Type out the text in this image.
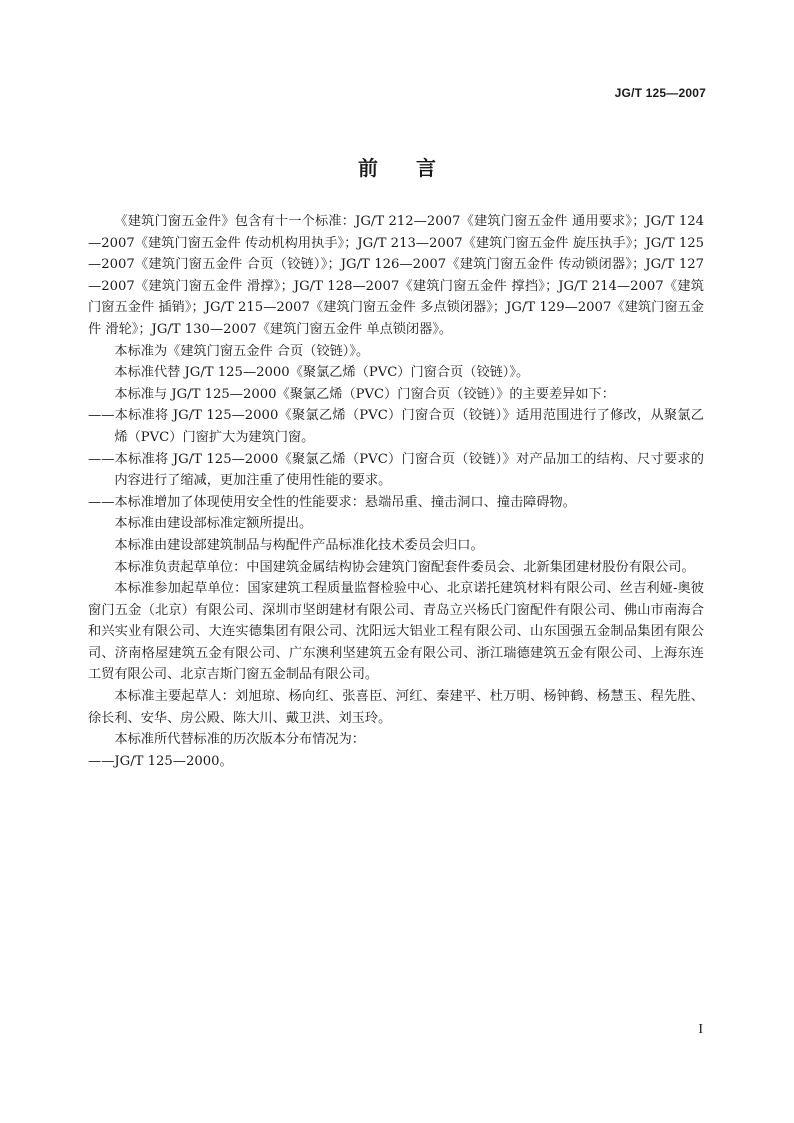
JG/T 125—2007
前言

《建筑门窗五金件》包含有十一个标准：JG/T 212—2007《建筑门窗五金件 通用要求》；JG/T 124—2007《建筑门窗五金件 传动机构用执手》；JG/T 213—2007《建筑门窗五金件 旋压执手》；JG/T 125—2007《建筑门窗五金件 合页（铰链）》；JG/T 126—2007《建筑门窗五金件 传动锁闭器》；JG/T 127—2007《建筑门窗五金件 滑撑》；JG/T 128—2007《建筑门窗五金件 撑挡》；JG/T 214—2007《建筑门窗五金件 插销》；JG/T 215—2007《建筑门窗五金件 多点锁闭器》；JG/T 129—2007《建筑门窗五金件 滑轮》；JG/T 130—2007《建筑门窗五金件 单点锁闭器》。

本标准为《建筑门窗五金件 合页（铰链）》。

本标准代替 JG/T 125—2000《聚氯乙烯（PVC）门窗合页（铰链）》。

本标准与 JG/T 125—2000《聚氯乙烯（PVC）门窗合页（铰链）》的主要差异如下：

——本标准将 JG/T 125—2000《聚氯乙烯（PVC）门窗合页（铰链）》适用范围进行了修改，从聚氯乙烯（PVC）门窗扩大为建筑门窗。

——本标准将 JG/T 125—2000《聚氯乙烯（PVC）门窗合页（铰链）》对产品加工的结构、尺寸要求的内容进行了缩减，更加注重了使用性能的要求。

——本标准增加了体现使用安全性的性能要求：悬端吊重、撞击洞口、撞击障碍物。

本标准由建设部标准定额所提出。

本标准由建设部建筑制品与构配件产品标准化技术委员会归口。

本标准负责起草单位：中国建筑金属结构协会建筑门窗配套件委员会、北新集团建材股份有限公司。

本标准参加起草单位：国家建筑工程质量监督检验中心、北京诺托建筑材料有限公司、丝吉利娅-奥彼窗门五金（北京）有限公司、深圳市坚朗建材有限公司、青岛立兴杨氏门窗配件有限公司、佛山市南海合和兴实业有限公司、大连实德集团有限公司、沈阳远大铝业工程有限公司、山东国强五金制品集团有限公司、济南格屋建筑五金有限公司、广东澳利坚建筑五金有限公司、浙江瑞德建筑五金有限公司、上海东连工贸有限公司、北京吉斯门窗五金制品有限公司。

本标准主要起草人：刘旭琼、杨向红、张喜臣、河红、秦建平、杜万明、杨钟鹤、杨慧玉、程先胜、徐长利、安华、房公殿、陈大川、戴卫洪、刘玉玲。

本标准所代替标准的历次版本分布情况为：

——JG/T 125—2000。

I
